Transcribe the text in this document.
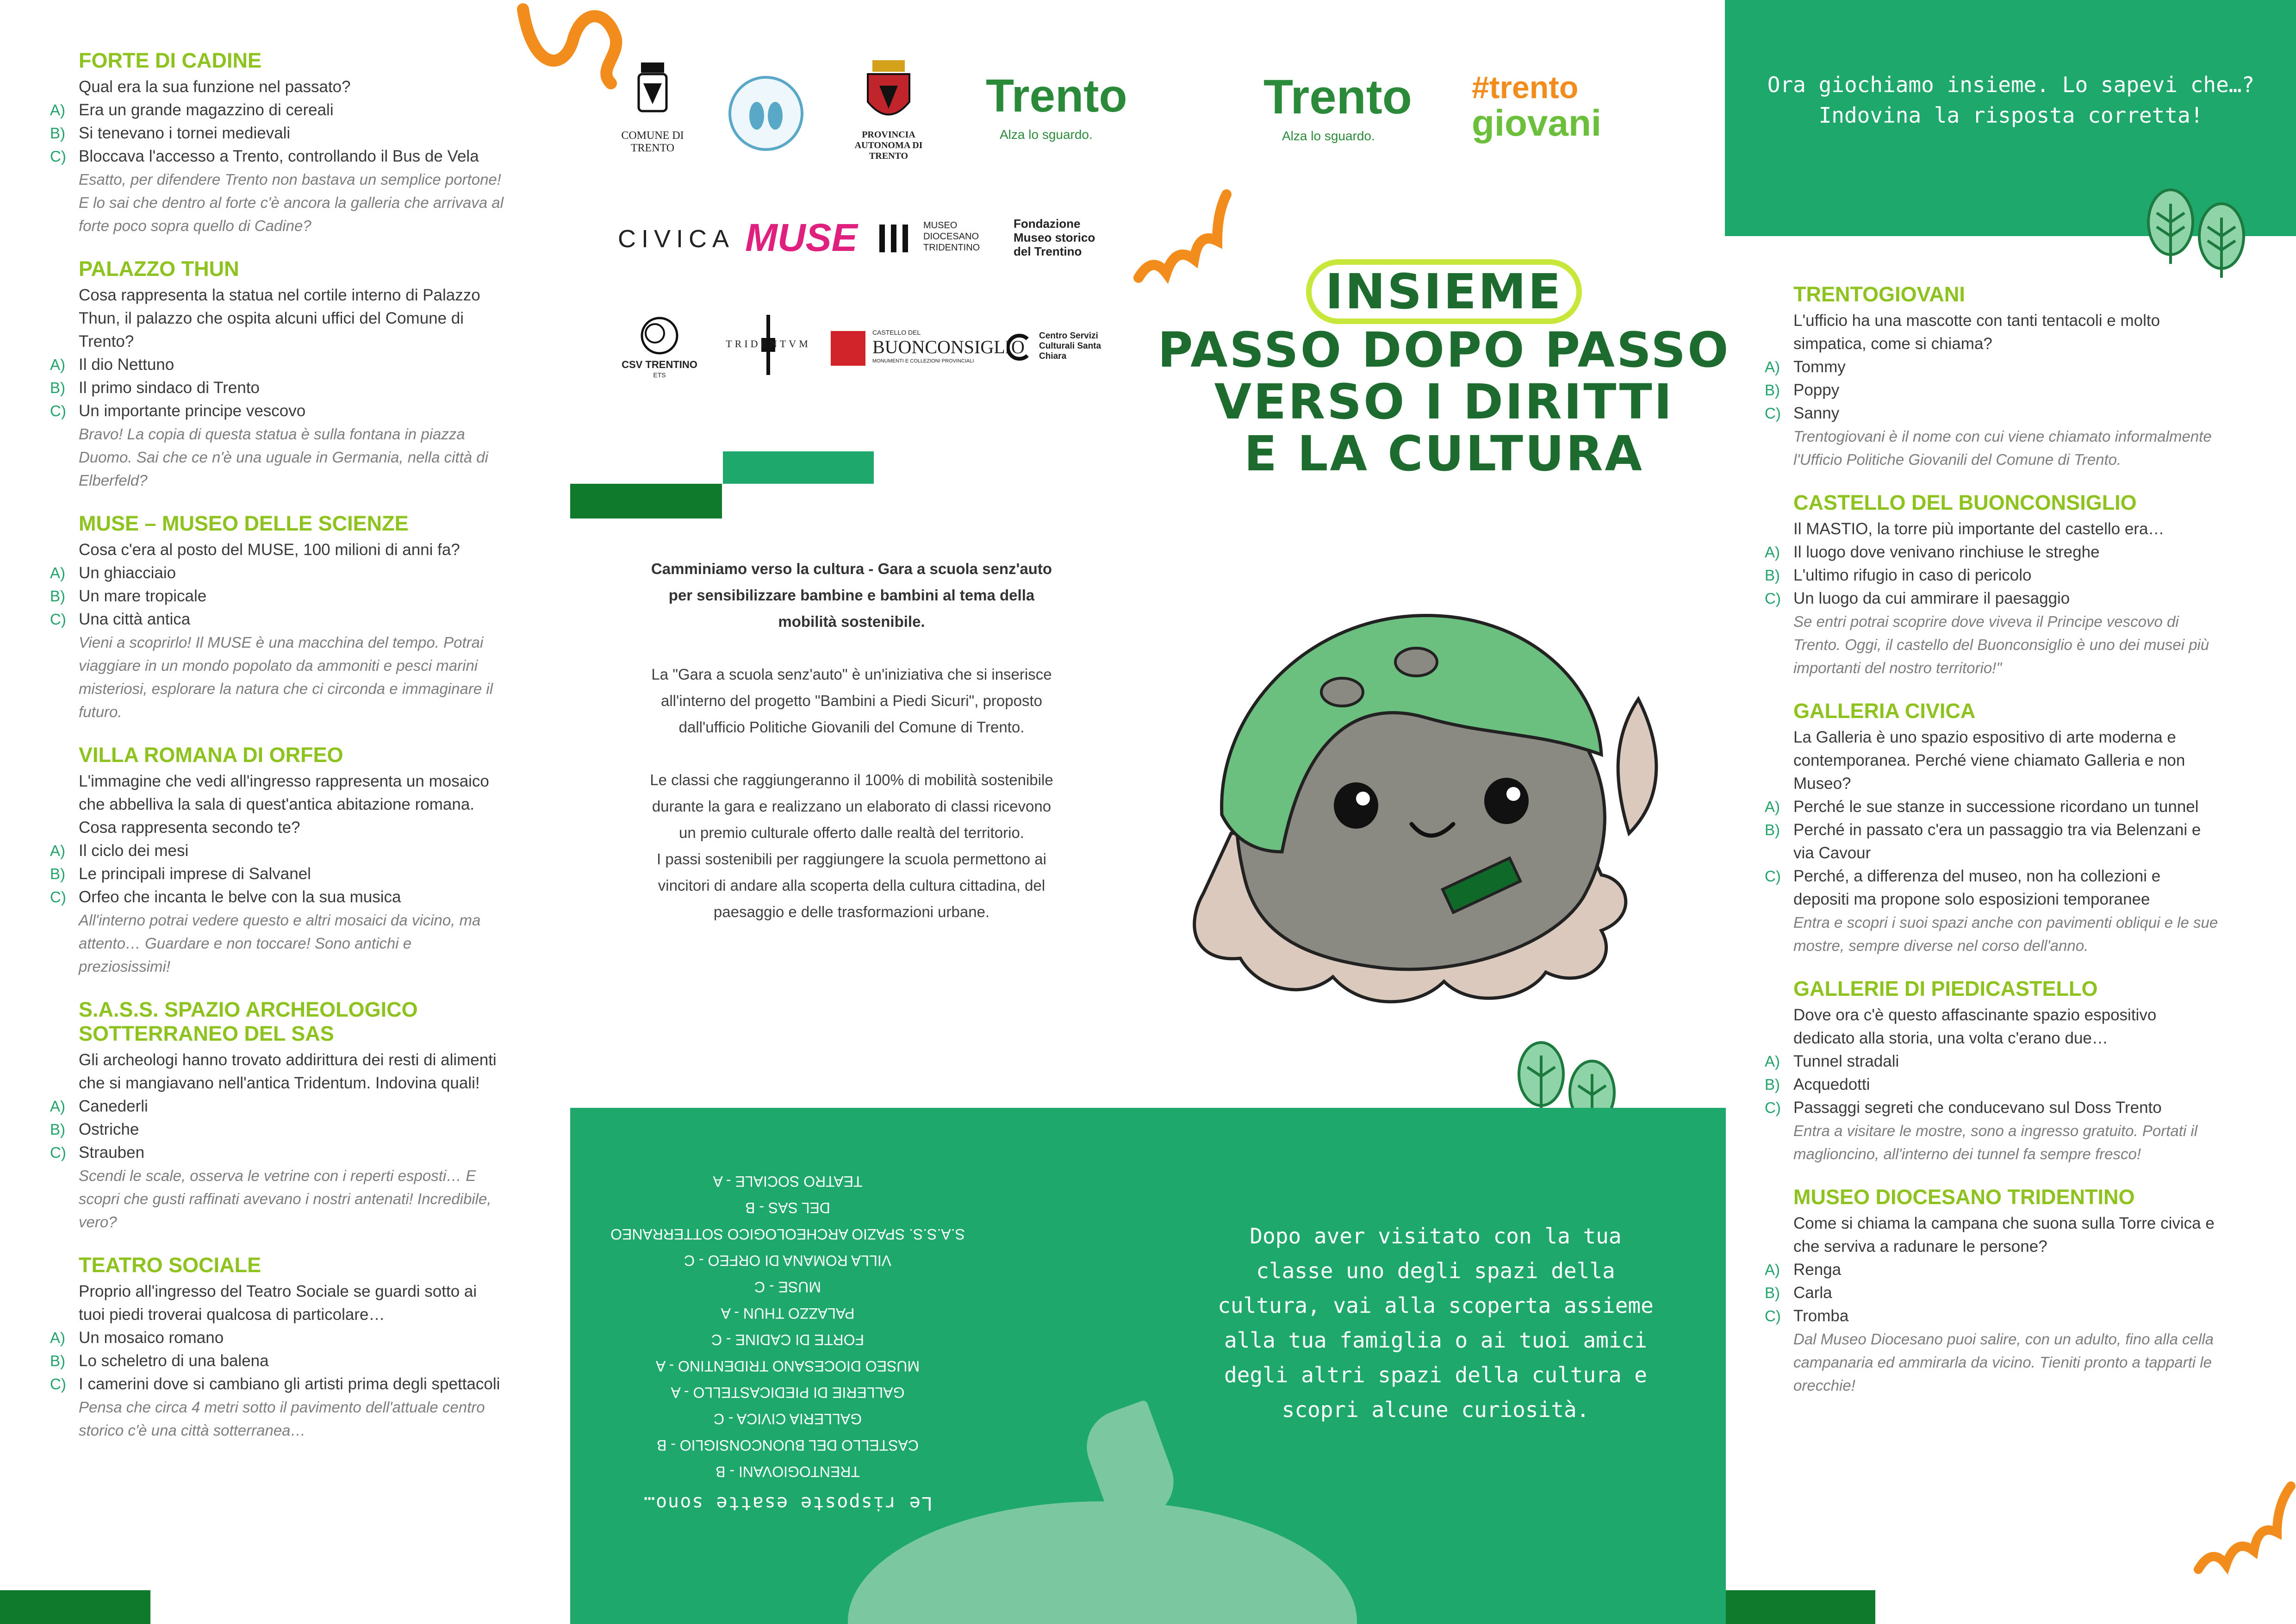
FORTE DI CADINE
Qual era la sua funzione nel passato?
A) Era un grande magazzino di cereali
B) Si tenevano i tornei medievali
C) Bloccava l'accesso a Trento, controllando il Bus de Vela
Esatto, per difendere Trento non bastava un semplice portone! E lo sai che dentro al forte c'è ancora la galleria che arrivava al forte poco sopra quello di Cadine?
PALAZZO THUN
Cosa rappresenta la statua nel cortile interno di Palazzo Thun, il palazzo che ospita alcuni uffici del Comune di Trento?
A) Il dio Nettuno
B) Il primo sindaco di Trento
C) Un importante principe vescovo
Bravo! La copia di questa statua è sulla fontana in piazza Duomo. Sai che ce n'è una uguale in Germania, nella città di Elberfeld?
MUSE – MUSEO DELLE SCIENZE
Cosa c'era al posto del MUSE, 100 milioni di anni fa?
A) Un ghiacciaio
B) Un mare tropicale
C) Una città antica
Vieni a scoprirlo! Il MUSE è una macchina del tempo. Potrai viaggiare in un mondo popolato da ammoniti e pesci marini misteriosi, esplorare la natura che ci circonda e immaginare il futuro.
VILLA ROMANA DI ORFEO
L'immagine che vedi all'ingresso rappresenta un mosaico che abbelliva la sala di quest'antica abitazione romana. Cosa rappresenta secondo te?
A) Il ciclo dei mesi
B) Le principali imprese di Salvanel
C) Orfeo che incanta le belve con la sua musica
All'interno potrai vedere questo e altri mosaici da vicino, ma attento… Guardare e non toccare! Sono antichi e preziosissimi!
S.A.S.S. SPAZIO ARCHEOLOGICO SOTTERRANEO DEL SAS
Gli archeologi hanno trovato addirittura dei resti di alimenti che si mangiavano nell'antica Tridentum. Indovina quali!
A) Canederli
B) Ostriche
C) Strauben
Scendi le scale, osserva le vetrine con i reperti esposti… E scopri che gusti raffinati avevano i nostri antenati! Incredibile, vero?
TEATRO SOCIALE
Proprio all'ingresso del Teatro Sociale se guardi sotto ai tuoi piedi troverai qualcosa di particolare…
A) Un mosaico romano
B) Lo scheletro di una balena
C) I camerini dove si cambiano gli artisti prima degli spettacoli
Pensa che circa 4 metri sotto il pavimento dell'attuale centro storico c'è una città sotterranea…
Ora giochiamo insieme. Lo sapevi che…? Indovina la risposta corretta!
TRENTOGIOVANI
L'ufficio ha una mascotte con tanti tentacoli e molto simpatica, come si chiama?
A) Tommy
B) Poppy
C) Sanny
Trentogiovani è il nome con cui viene chiamato informalmente l'Ufficio Politiche Giovanili del Comune di Trento.
CASTELLO DEL BUONCONSIGLIO
Il MASTIO, la torre più importante del castello era…
A) Il luogo dove venivano rinchiuse le streghe
B) L'ultimo rifugio in caso di pericolo
C) Un luogo da cui ammirare il paesaggio
Se entri potrai scoprire dove viveva il Principe vescovo di Trento. Oggi, il castello del Buonconsiglio è uno dei musei più importanti del nostro territorio!"
GALLERIA CIVICA
La Galleria è uno spazio espositivo di arte moderna e contemporanea. Perché viene chiamato Galleria e non Museo?
A) Perché le sue stanze in successione ricordano un tunnel
B) Perché in passato c'era un passaggio tra via Belenzani e via Cavour
C) Perché, a differenza del museo, non ha collezioni e depositi ma propone solo esposizioni temporanee
Entra e scopri i suoi spazi anche con pavimenti obliqui e le sue mostre, sempre diverse nel corso dell'anno.
GALLERIE DI PIEDICASTELLO
Dove ora c'è questo affascinante spazio espositivo dedicato alla storia, una volta c'erano due…
A) Tunnel stradali
B) Acquedotti
C) Passaggi segreti che conducevano sul Doss Trento
Entra a visitare le mostre, sono a ingresso gratuito. Portati il maglioncino, all'interno dei tunnel fa sempre fresco!
MUSEO DIOCESANO TRIDENTINO
Come si chiama la campana che suona sulla Torre civica e che serviva a radunare le persone?
A) Renga
B) Carla
C) Tromba
Dal Museo Diocesano puoi salire, con un adulto, fino alla cella campanaria ed ammirarla da vicino. Tieniti pronto a tapparti le orecchie!
COMUNE DI TRENTO
PROVINCIA AUTONOMA DI TRENTO
Trento
Alza lo sguardo.
Trento
Alza lo sguardo.
#trento
giovani
CIVICA MUSE	MUSEO DIOCESANO TRIDENTINO
Fondazione Museo storico del Trentino
CSV TRENTINO
ETS
TRIDENTVM
CASTELLO DEL
BUONCONSIGLIO
MONUMENTI E COLLEZIONI PROVINCIALI
Centro Servizi Culturali Santa Chiara
INSIEME
PASSO DOPO PASSO
VERSO I DIRITTI
E LA CULTURA

Camminiamo verso la cultura - Gara a scuola senz'auto per sensibilizzare bambine e bambini al tema della mobilità sostenibile.

La "Gara a scuola senz'auto" è un'iniziativa che si inserisce all'interno del progetto "Bambini a Piedi Sicuri", proposto dall'ufficio Politiche Giovanili del Comune di Trento.

Le classi che raggiungeranno il 100% di mobilità sostenibile durante la gara e realizzano un elaborato di classi ricevono un premio culturale offerto dalle realtà del territorio.

I passi sostenibili per raggiungere la scuola permettono ai vincitori di andare alla scoperta della cultura cittadina, del paesaggio e delle trasformazioni urbane.

Le risposte esatte sono…
TRENTOGIOVANI - B
CASTELLO DEL BUONCONSIGLIO - B
GALLERIA CIVICA - C
GALLERIE DI PIEDICASTELLO - A
MUSEO DIOCESANO TRIDENTINO - A
FORTE DI CADINE - C
PALAZZO THUN - A
MUSE - C
VILLA ROMANA DI ORFEO - C
S.A.S.S. SPAZIO ARCHEOLOGICO SOTTERRANEO DEL SAS - B
TEATRO SOCIALE - A
Dopo aver visitato con la tua classe uno degli spazi della cultura, vai alla scoperta assieme alla tua famiglia o ai tuoi amici degli altri spazi della cultura e scopri alcune curiosità.
